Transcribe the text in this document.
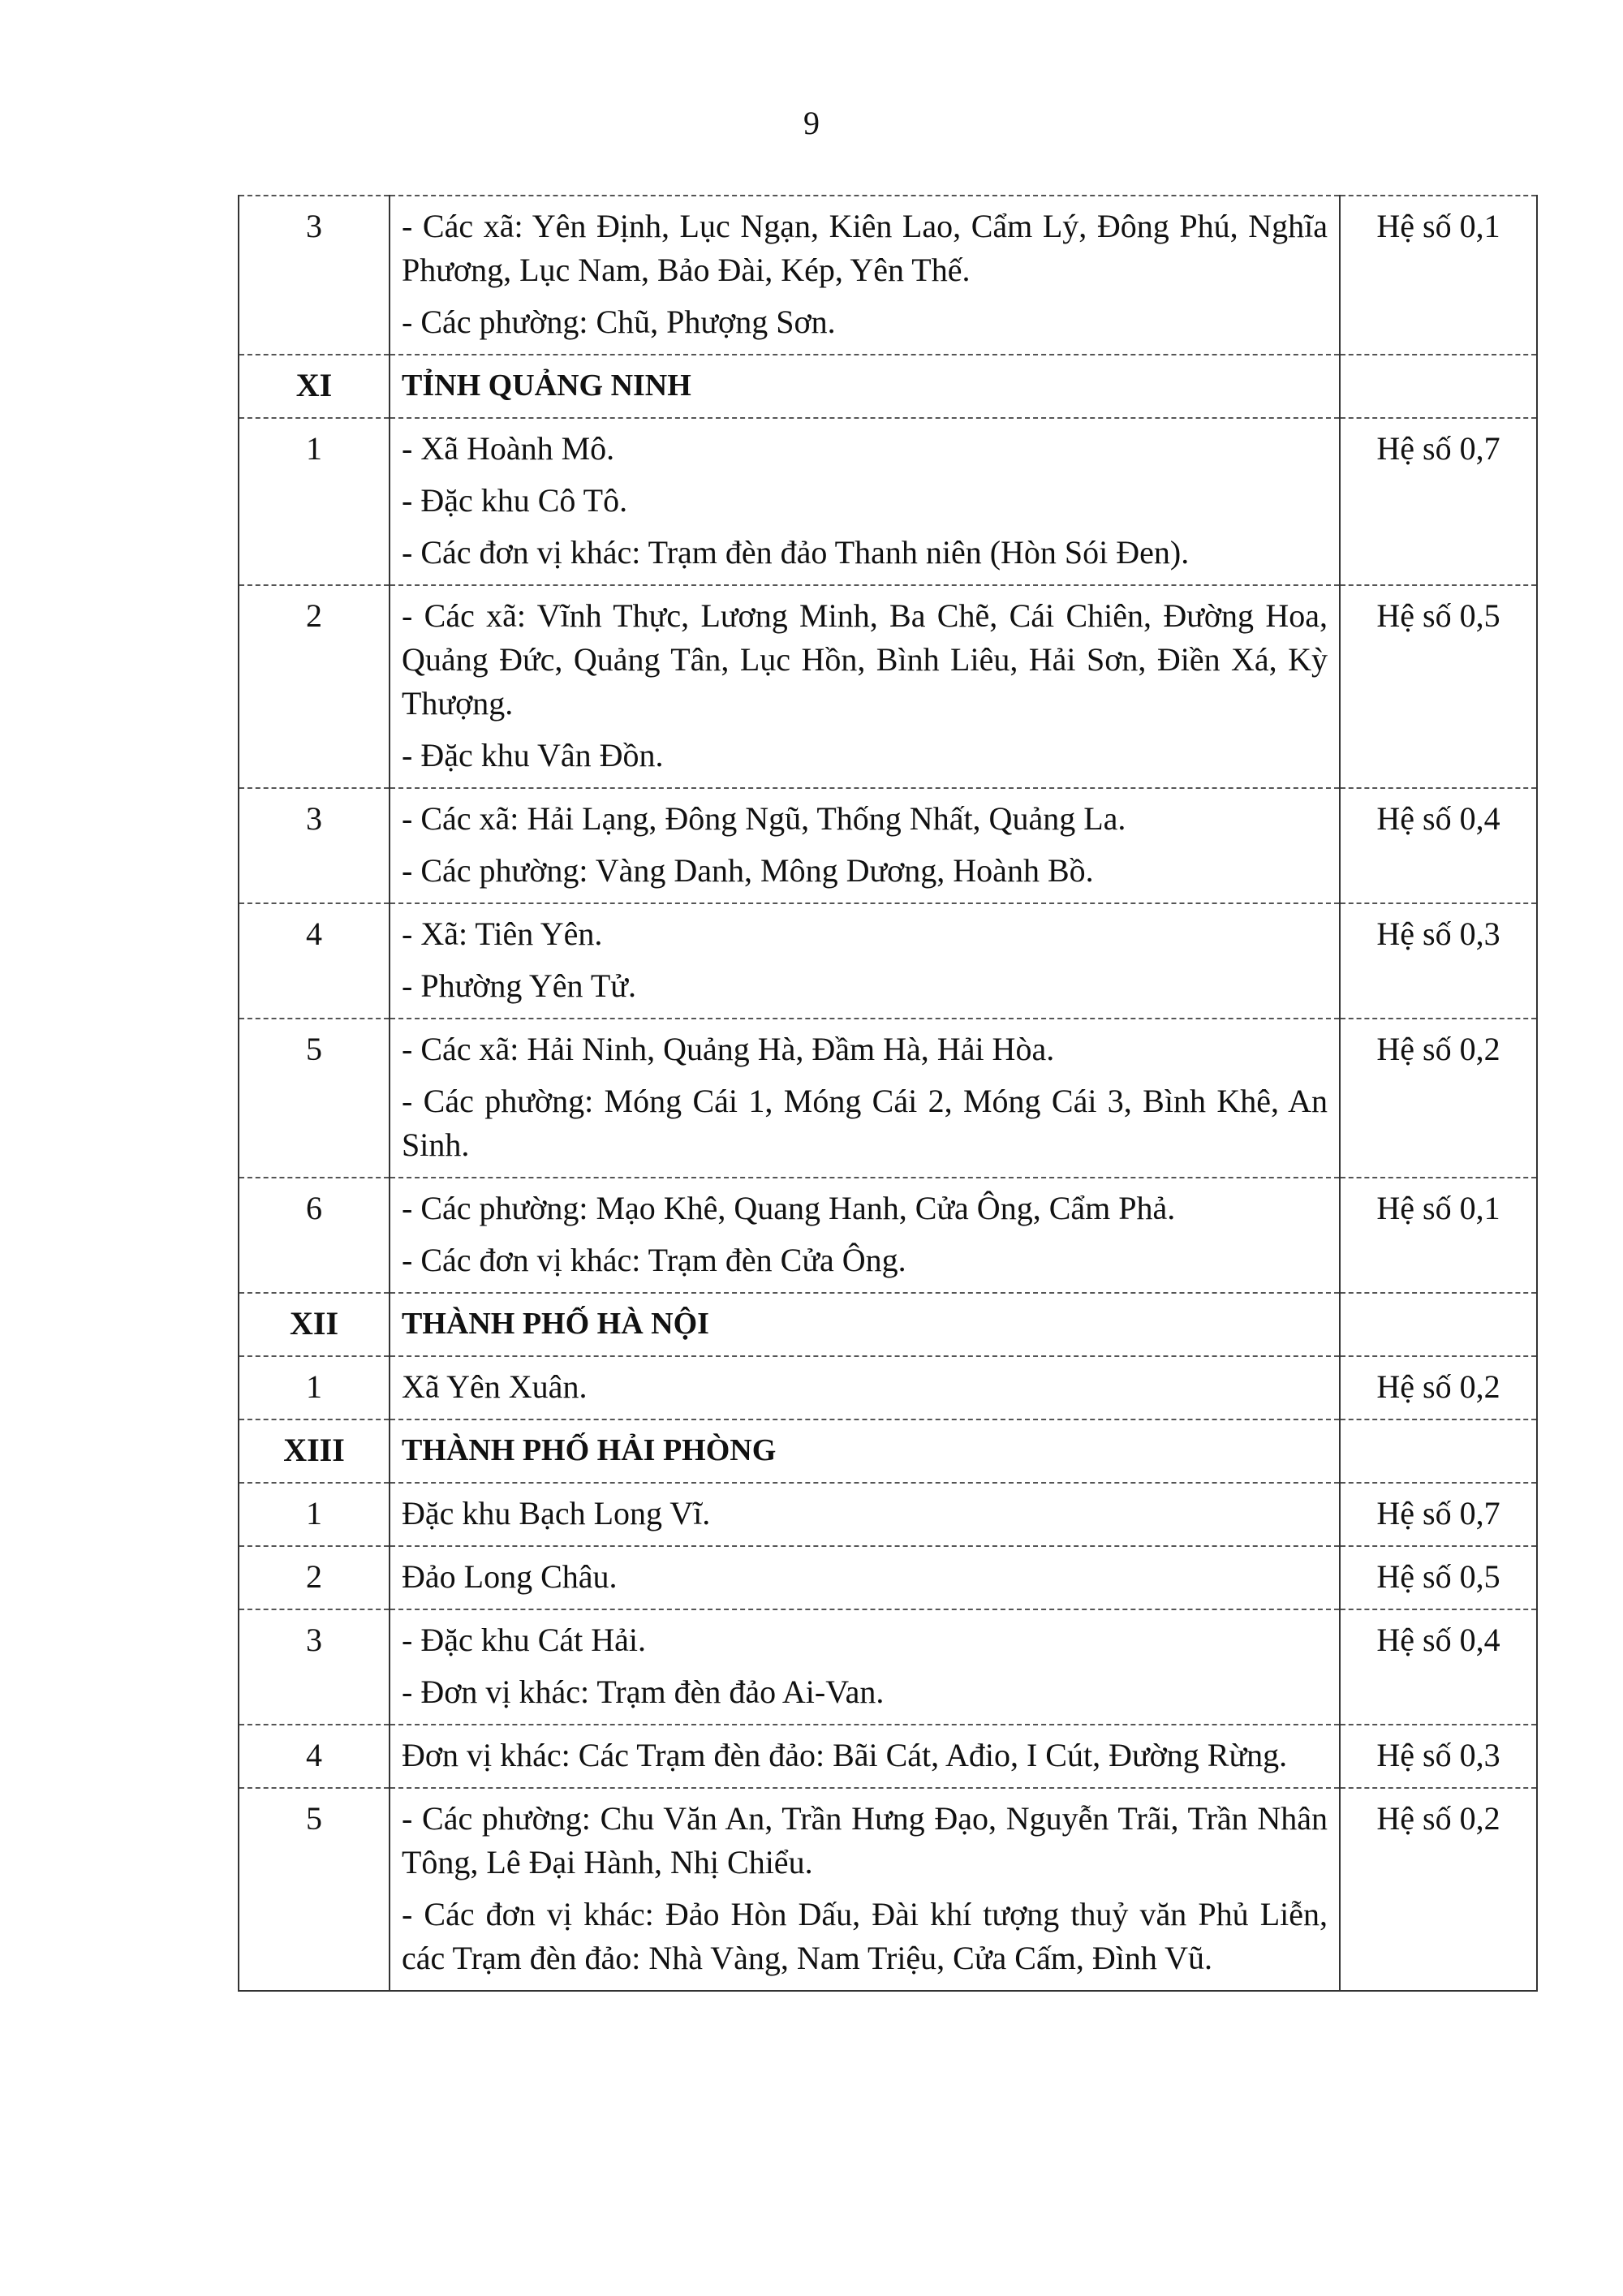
9
3	- Các xã: Yên Định, Lục Ngạn, Kiên Lao, Cẩm Lý, Đông Phú, Nghĩa Phương, Lục Nam, Bảo Đài, Kép, Yên Thế.
- Các phường: Chũ, Phượng Sơn.	Hệ số 0,1
XI	TỈNH QUẢNG NINH	
1	- Xã Hoành Mô.
- Đặc khu Cô Tô.
- Các đơn vị khác: Trạm đèn đảo Thanh niên (Hòn Sói Đen).	Hệ số 0,7
2	- Các xã: Vĩnh Thực, Lương Minh, Ba Chẽ, Cái Chiên, Đường Hoa, Quảng Đức, Quảng Tân, Lục Hồn, Bình Liêu, Hải Sơn, Điền Xá, Kỳ Thượng.
- Đặc khu Vân Đồn.	Hệ số 0,5
3	- Các xã: Hải Lạng, Đông Ngũ, Thống Nhất, Quảng La.
- Các phường: Vàng Danh, Mông Dương, Hoành Bồ.	Hệ số 0,4
4	- Xã: Tiên Yên.
- Phường Yên Tử.	Hệ số 0,3
5	- Các xã: Hải Ninh, Quảng Hà, Đầm Hà, Hải Hòa.
- Các phường: Móng Cái 1, Móng Cái 2, Móng Cái 3, Bình Khê, An Sinh.	Hệ số 0,2
6	- Các phường: Mạo Khê, Quang Hanh, Cửa Ông, Cẩm Phả.
- Các đơn vị khác: Trạm đèn Cửa Ông.	Hệ số 0,1
XII	THÀNH PHỐ HÀ NỘI	
1	Xã Yên Xuân.	Hệ số 0,2
XIII	THÀNH PHỐ HẢI PHÒNG	
1	Đặc khu Bạch Long Vĩ.	Hệ số 0,7
2	Đảo Long Châu.	Hệ số 0,5
3	- Đặc khu Cát Hải.
- Đơn vị khác: Trạm đèn đảo Ai-Van.	Hệ số 0,4
4	Đơn vị khác: Các Trạm đèn đảo: Bãi Cát, Ađio, I Cút, Đường Rừng.	Hệ số 0,3
5	- Các phường: Chu Văn An, Trần Hưng Đạo, Nguyễn Trãi, Trần Nhân Tông, Lê Đại Hành, Nhị Chiểu.
- Các đơn vị khác: Đảo Hòn Dấu, Đài khí tượng thuỷ văn Phủ Liễn, các Trạm đèn đảo: Nhà Vàng, Nam Triệu, Cửa Cấm, Đình Vũ.	Hệ số 0,2
